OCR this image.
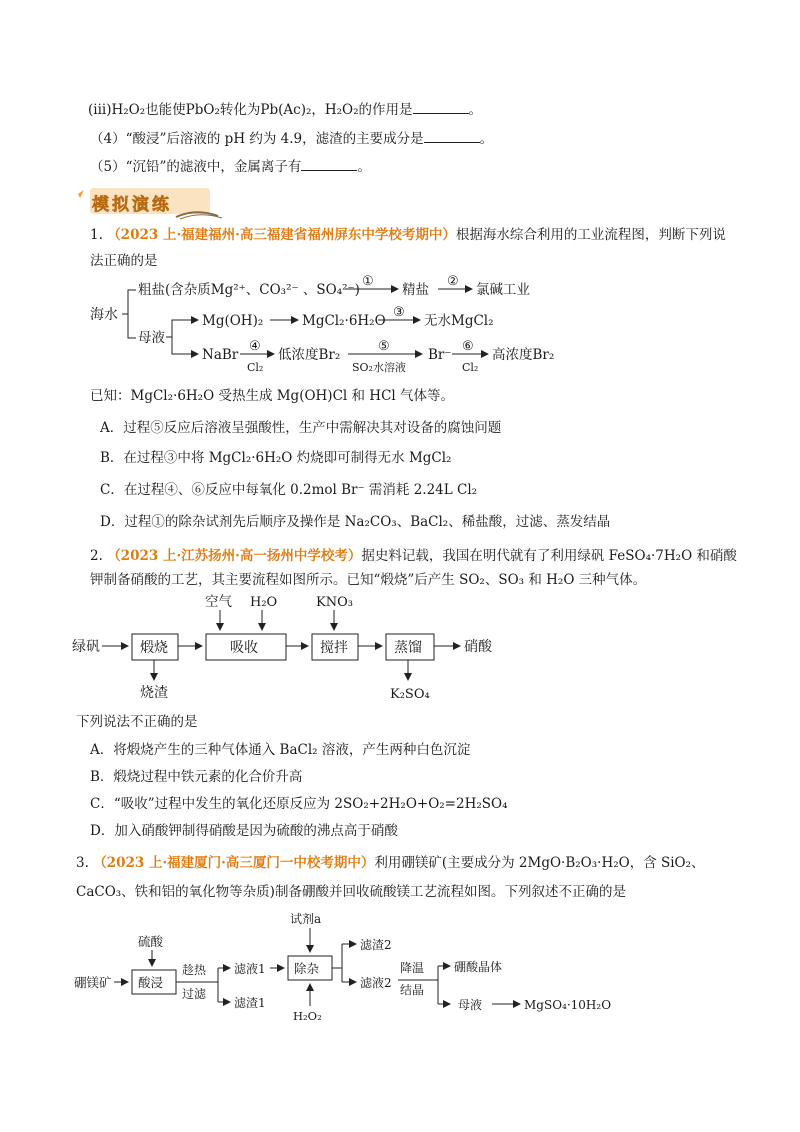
(iii)H₂O₂也能使PbO₂转化为Pb(Ac)₂，H₂O₂的作用是	。
（4）“酸浸”后溶液的 pH 约为 4.9，滤渣的主要成分是	。
（5）“沉铅”的滤液中，金属离子有	。
模拟演练
1. （2023 上·福建福州·高三福建省福州屏东中学校考期中）根据海水综合利用的工业流程图，判断下列说
法正确的是
海水
粗盐(含杂质Mg²⁺、CO₃²⁻ 、SO₄²⁻)
①
精盐
②
氯碱工业
母液
Mg(OH)₂	MgCl₂·6H₂O
③
无水MgCl₂
NaBr
④
Cl₂
低浓度Br₂
⑤
SO₂水溶液
Br⁻
⑥
Cl₂
高浓度Br₂
已知：MgCl₂·6H₂O 受热生成 Mg(OH)Cl 和 HCl 气体等。
A．过程⑤反应后溶液呈强酸性，生产中需解决其对设备的腐蚀问题
B．在过程③中将 MgCl₂·6H₂O 灼烧即可制得无水 MgCl₂
C．在过程④、⑥反应中每氧化 0.2mol Br⁻ 需消耗 2.24L Cl₂
D．过程①的除杂试剂先后顺序及操作是 Na₂CO₃、BaCl₂、稀盐酸，过滤、蒸发结晶
2. （2023 上·江苏扬州·高一扬州中学校考）据史料记载，我国在明代就有了利用绿矾 FeSO₄·7H₂O 和硝酸
钾制备硝酸的工艺，其主要流程如图所示。已知“煅烧”后产生 SO₂、SO₃ 和 H₂O 三种气体。
绿矾	煅烧	吸收	搅拌	蒸馏	硝酸
空气 H₂O	KNO₃
烧渣	K₂SO₄
下列说法不正确的是
A．将煅烧产生的三种气体通入 BaCl₂ 溶液，产生两种白色沉淀
B．煅烧过程中铁元素的化合价升高
C．“吸收”过程中发生的氧化还原反应为 2SO₂+2H₂O+O₂=2H₂SO₄
D．加入硝酸钾制得硝酸是因为硫酸的沸点高于硝酸
3. （2023 上·福建厦门·高三厦门一中校考期中）利用硼镁矿(主要成分为 2MgO·B₂O₃·H₂O，含 SiO₂、
CaCO₃、铁和铝的氧化物等杂质)制备硼酸并回收硫酸镁工艺流程如图。下列叙述不正确的是
硫酸
硼镁矿 酸浸
趁热
过滤
滤液1
滤渣1
除杂
试剂a
H₂O₂
滤渣2
滤液2
降温
结晶
硼酸晶体
母液	MgSO₄·10H₂O
